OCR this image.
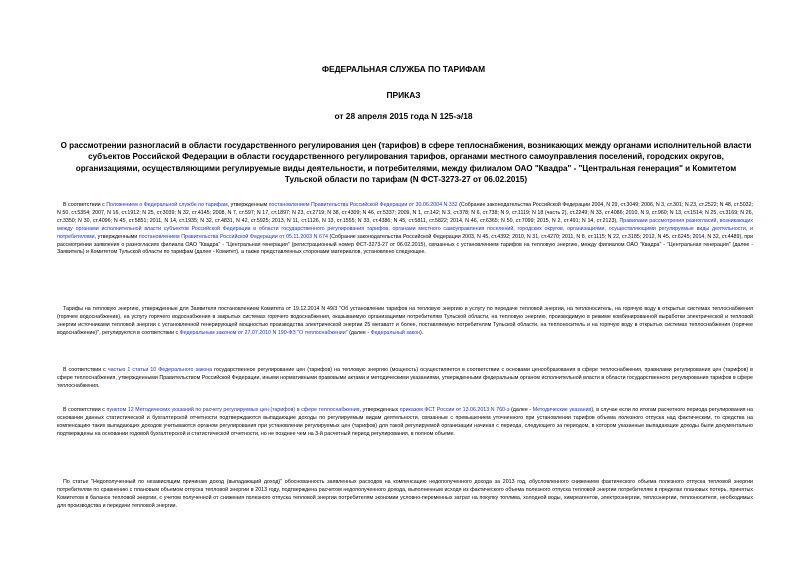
ФЕДЕРАЛЬНАЯ СЛУЖБА ПО ТАРИФАМ
ПРИКАЗ
от 28 апреля 2015 года N 125-э/18
О рассмотрении разногласий в области государственного регулирования цен (тарифов) в сфере теплоснабжения, возникающих между органами исполнительной власти субъектов Российской Федерации в области государственного регулирования тарифов, органами местного самоуправления поселений, городских округов, организациями, осуществляющими регулируемые виды деятельности, и потребителями, между филиалом ОАО "Квадра" - "Центральная генерация" и Комитетом Тульской области по тарифам (N ФСТ-3273-27 от 06.02.2015)
В соответствии с Положением о Федеральной службе по тарифам, утвержденным постановлением Правительства Российской Федерации от 30.06.2004 N 332 (Собрание законодательства Российской Федерации 2004, N 29, ст.3049; 2006, N 3, ст.301; N 23, ст.2522; N 48, ст.5032; N 50, ст.5354; 2007, N 16, ст.1912; N 25, ст.3039; N 32, ст.4145; 2008, N 7, ст.597; N 17, ст.1897; N 23, ст.2719; N 38, ст.4309; N 46, ст.5337; 2009, N 1, ст.142; N 3, ст.378; N 6, ст.738; N 9, ст.1119; N 18 (часть 2), ст.2249; N 33, ст.4086; 2010, N 9, ст.960; N 13, ст.1514; N 25, ст.3169; N 26, ст.3350; N 30, ст.4096; N 45, ст.5851; 2011, N 14, ст.1935; N 32, ст.4831, N 42, ст.5925; 2013, N 11, ст.1126, N 13, ст.1555; N 33, ст.4386; N 45, ст.5811, ст.5822; 2014, N 46, ст.6365; N 50, ст.7099; 2015, N 2, ст.491; N 14, ст.2123), Правилами рассмотрения разногласий, возникающих между органами исполнительной власти субъектов Российской Федерации в области государственного регулирования тарифов, органами местного самоуправления поселений, городских округов, организациями, осуществляющими регулируемые виды деятельности, и потребителями, утвержденными постановлением Правительства Российской Федерации от 05.11.2003 N 674 (Собрание законодательства Российской Федерации 2003, N 45, ст.4392; 2010, N 31, ст.4270; 2011, N 8, ст.1115; N 22, ст.3185; 2012, N 45, ст.6245; 2014, N 32, ст.4489), при рассмотрении заявления о разногласиях филиала ОАО "Квадра" - "Центральная генерация" (регистрационный номер ФСТ-3273-27 от 06.02.2015), связанных с установлением тарифов на тепловую энергию, между филиалом ОАО "Квадра" - "Центральная генерация" (далее - Заявитель) и Комитетом Тульской области по тарифам (далее - Комитет), а также представленных сторонами материалов, установлено следующее.
Тарифы на тепловую энергию, утвержденные для Заявителя постановлением Комитета от 19.12.2014 N 49/3 "Об установлении тарифов на тепловую энергию и услугу по передаче тепловой энергии, на теплоноситель, на горячую воду в открытых системах теплоснабжения (горячее водоснабжение), на услугу горячего водоснабжения в закрытых системах горячего водоснабжения, оказываемую организациями потребителям Тульской области, на тепловую энергию, производимую в режиме комбинированной выработки электрической и тепловой энергии источниками тепловой энергии с установленной генерирующей мощностью производства электрической энергии 25 мегаватт и более, поставляемую потребителям Тульской области, на теплоноситель и на горячую воду в открытых системах теплоснабжения (горячее водоснабжение)", регулируются в соответствии с Федеральным законом от 27.07.2010 N 190-ФЗ "О теплоснабжении" (далее - Федеральный закон).
В соответствии с частью 1 статьи 10 Федерального закона государственное регулирование цен (тарифов) на тепловую энергию (мощность) осуществляется в соответствии с основами ценообразования в сфере теплоснабжения, правилами регулирования цен (тарифов) в сфере теплоснабжения, утвержденными Правительством Российской Федерации, иными нормативными правовыми актами и методическими указаниями, утвержденными федеральным органом исполнительной власти в области государственного регулирования тарифов в сфере теплоснабжения.
В соответствии с пунктом 12 Методических указаний по расчету регулируемых цен (тарифов) в сфере теплоснабжения, утвержденных приказом ФСТ России от 13.06.2013 N 760-э (далее - Методические указания), в случае если по итогам расчетного периода регулирования на основании данных статистической и бухгалтерской отчетности подтверждаются выпадающие доходы по регулируемым видам деятельности, связанные с превышением уточненного при установлении тарифов объема полезного отпуска над фактическим, то средства на компенсацию таких выпадающих доходов учитываются органом регулирования при установлении регулируемых цен (тарифов) для такой регулируемой организации начиная с периода, следующего за периодом, в котором указанные выпадающие доходы были документально подтверждены на основании годовой бухгалтерской и статистической отчетности, но не позднее чем на 3-й расчетный период регулирования, в полном объеме.
По статье "Недополученный по независящим причинам доход (выпадающий доход)" обоснованность заявленных расходов на компенсацию недополученного дохода за 2013 год, обусловленного снижением фактического объема полезного отпуска тепловой энергии потребителям по сравнению с плановым объемом отпуска тепловой энергии в 2013 году, подтверждена расчетом недополученного дохода, выполненным исходя из фактического объема полезного отпуска тепловой энергии потребителям в пределах плановых потерь, принятых Комитетом в балансе тепловой энергии, с учетом полученной от снижения полезного отпуска тепловой энергии потребителям экономии условно-переменных затрат на покупку топлива, холодной воды, химреагентов, электроэнергии, теплоэнергии, теплоносителя, необходимых для производства и передачи тепловой энергии.
